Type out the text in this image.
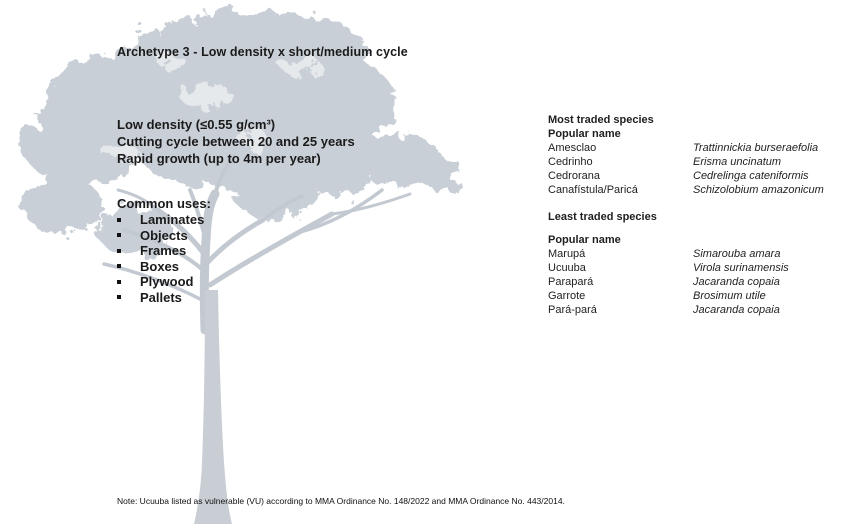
Archetype 3 - Low density x short/medium cycle
Low density (≤0.55 g/cm³)
Cutting cycle between 20 and 25 years
Rapid growth (up to 4m per year)
Common uses:
Laminates
Objects
Frames
Boxes
Plywood
Pallets
Most traded species
Popular name
Amesclao	Trattinnickia burseraefolia
Cedrinho	Erisma uncinatum
Cedrorana	Cedrelinga cateniformis
Canafístula/Paricá	Schizolobium amazonicum
Least traded species
Popular name
Marupá	Simarouba amara
Ucuuba	Virola surinamensis
Parapará	Jacaranda copaia
Garrote	Brosimum utile
Pará-pará	Jacaranda copaia
Note: Ucuuba listed as vulnerable (VU) according to MMA Ordinance No. 148/2022 and MMA Ordinance No. 443/2014.
